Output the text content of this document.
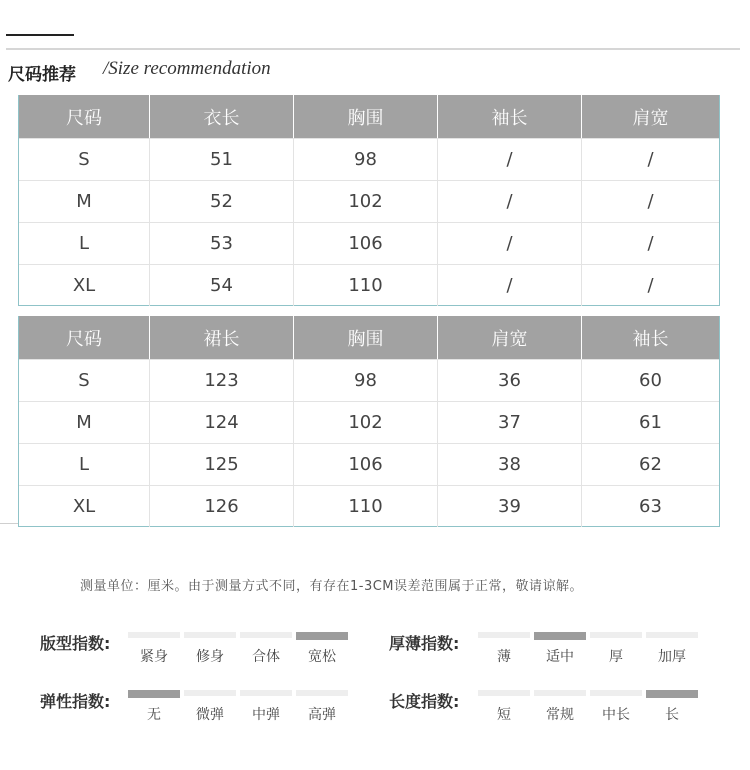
尺码推荐 /Size recommendation
尺码	衣长	胸围	袖长	肩宽
S	51	98	/	/
M	52	102	/	/
L	53	106	/	/
XL	54	110	/	/
尺码	裙长	胸围	肩宽	袖长
S	123	98	36	60
M	124	102	37	61
L	125	106	38	62
XL	126	110	39	63
测量单位：厘米。由于测量方式不同，有存在1-3CM误差范围属于正常，敬请谅解。
版型指数:
紧身	修身	合体	宽松
厚薄指数:
薄	适中	厚	加厚
弹性指数:
无	微弹	中弹	高弹
长度指数:
短	常规	中长	长
